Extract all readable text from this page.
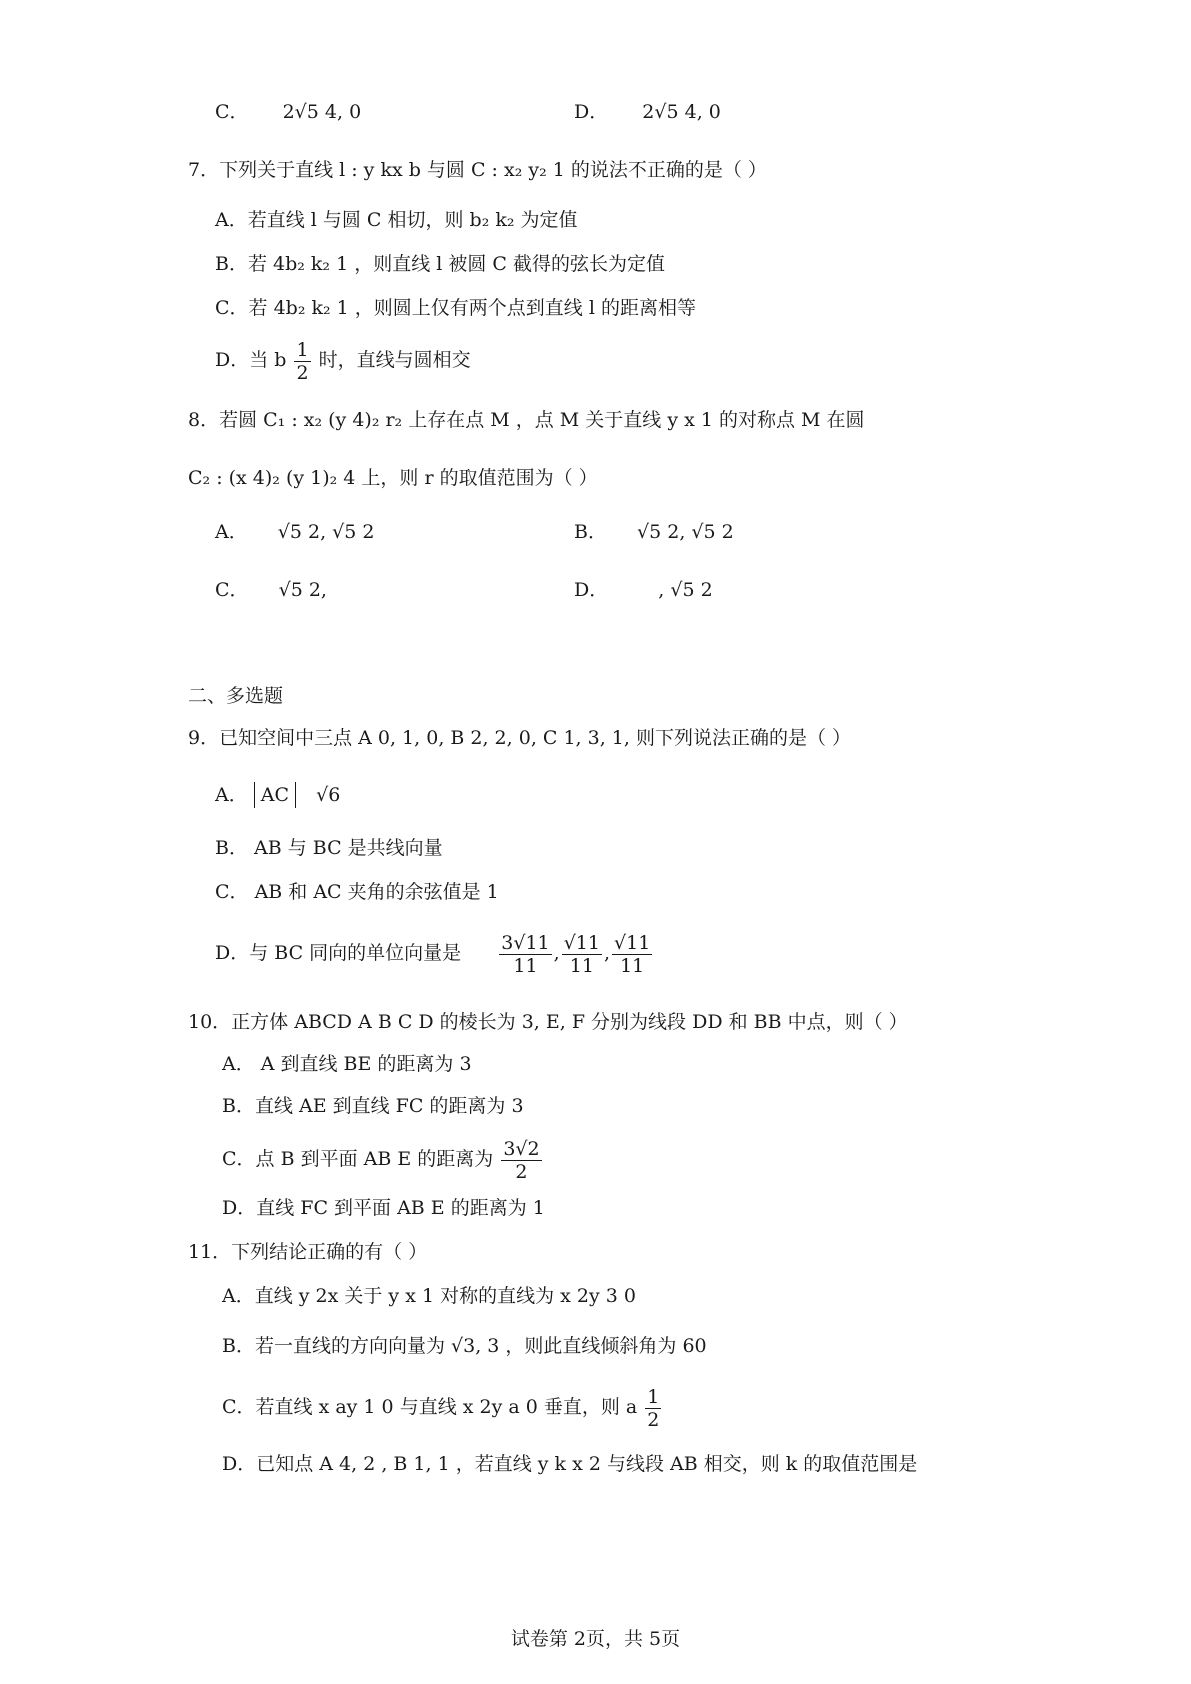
C． 2√5 4, 0	D． 2√5 4, 0
7．下列关于直线 l : y kx b 与圆 C : x₂ y₂ 1 的说法不正确的是（ ）
A．若直线 l 与圆 C 相切，则 b₂ k₂ 为定值
B．若 4b₂ k₂ 1 ，则直线 l 被圆 C 截得的弦长为定值
C．若 4b₂ k₂ 1 ，则圆上仅有两个点到直线 l 的距离相等
D．当 b $\frac{1}{2}$ 时，直线与圆相交
8．若圆 C₁ : x₂ (y 4)₂ r₂ 上存在点 M ，点 M 关于直线 y x 1 的对称点 M 在圆
C₂ : (x 4)₂ (y 1)₂ 4 上，则 r 的取值范围为（ ）
A． √5 2, √5 2	B． √5 2, √5 2
C． √5 2,	D．	, √5 2
二、多选题
9．已知空间中三点 A 0, 1, 0, B 2, 2, 0, C 1, 3, 1, 则下列说法正确的是（ ）
A． AC √6
B． AB 与 BC 是共线向量
C． AB 和 AC 夹角的余弦值是 1
D．与 BC 同向的单位向量是 $\frac{3√11}{11}$ , $\frac{√11}{11}$ , $\frac{√11}{11}$
10．正方体 ABCD A B C D 的棱长为 3, E, F 分别为线段 DD 和 BB 中点，则（ ）
A． A 到直线 BE 的距离为 3
B．直线 AE 到直线 FC 的距离为 3
C．点 B 到平面 AB E 的距离为 $\frac{3√2}{2}$
D．直线 FC 到平面 AB E 的距离为 1
11．下列结论正确的有（ ）
A．直线 y 2x 关于 y x 1 对称的直线为 x 2y 3 0
B．若一直线的方向向量为 √3, 3 ，则此直线倾斜角为 60
C．若直线 x ay 1 0 与直线 x 2y a 0 垂直，则 a $\frac{1}{2}$
D．已知点 A 4, 2 , B 1, 1 ，若直线 y k x 2 与线段 AB 相交，则 k 的取值范围是
试卷第 2页，共 5页
